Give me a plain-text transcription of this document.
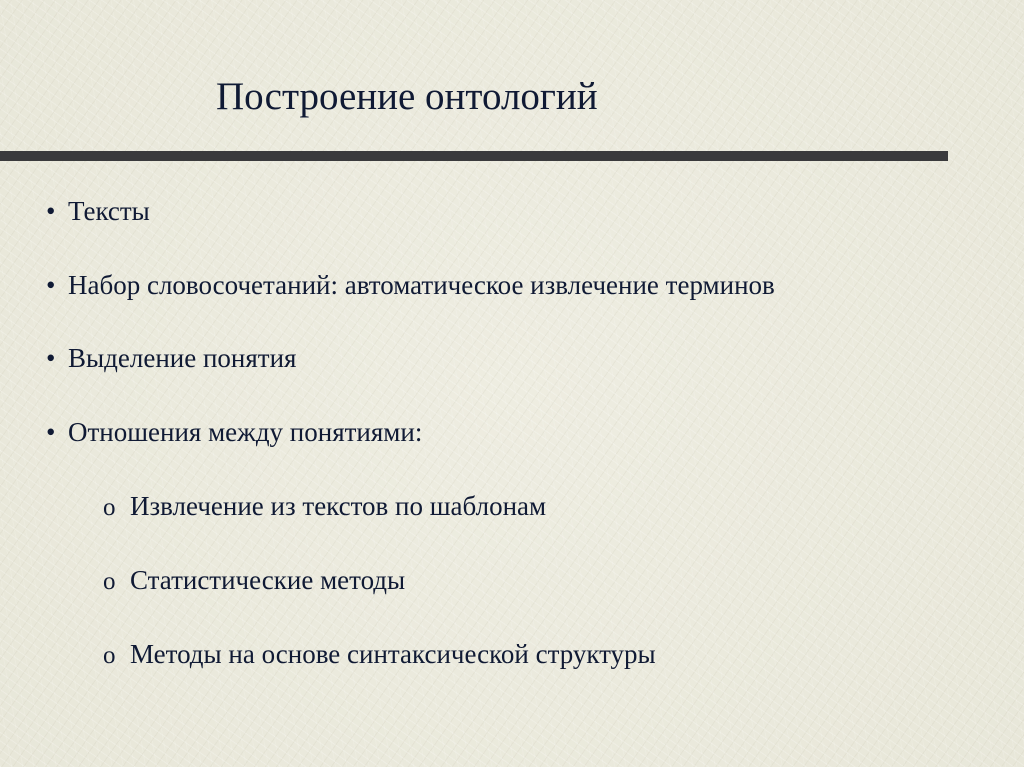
Построение онтологий
• Тексты
• Набор словосочетаний: автоматическое извлечение терминов
• Выделение понятия
• Отношения между понятиями:
o Извлечение из текстов по шаблонам
o Статистические методы
o Методы на основе синтаксической структуры
